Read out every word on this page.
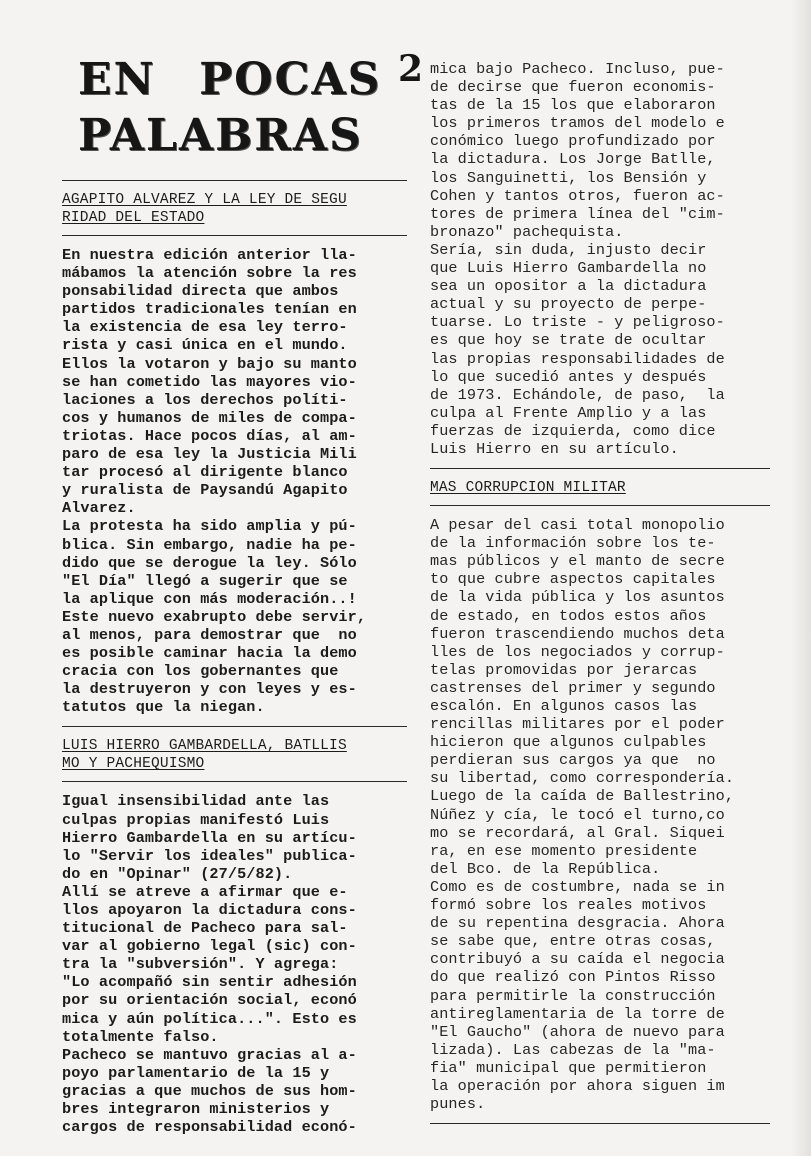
2
EN POCAS
PALABRAS
AGAPITO ALVAREZ Y LA LEY DE SEGU
RIDAD DEL ESTADO
En nuestra edición anterior lla-
mábamos la atención sobre la res
ponsabilidad directa que ambos
partidos tradicionales tenían en
la existencia de esa ley terro-
rista y casi única en el mundo.
Ellos la votaron y bajo su manto
se han cometido las mayores vio-
laciones a los derechos políti-
cos y humanos de miles de compa-
triotas. Hace pocos días, al am-
paro de esa ley la Justicia Mili
tar procesó al dirigente blanco
y ruralista de Paysandú Agapito
Alvarez.
La protesta ha sido amplia y pú-
blica. Sin embargo, nadie ha pe-
dido que se derogue la ley. Sólo
"El Día" llegó a sugerir que se
la aplique con más moderación..!
Este nuevo exabrupto debe servir,
al menos, para demostrar que  no
es posible caminar hacia la demo
cracia con los gobernantes que
la destruyeron y con leyes y es-
tatutos que la niegan.
LUIS HIERRO GAMBARDELLA, BATLLIS
MO Y PACHEQUISMO
Igual insensibilidad ante las
culpas propias manifestó Luis
Hierro Gambardella en su artícu-
lo "Servir los ideales" publica-
do en "Opinar" (27/5/82).
Allí se atreve a afirmar que e-
llos apoyaron la dictadura cons-
titucional de Pacheco para sal-
var al gobierno legal (sic) con-
tra la "subversión". Y agrega:
"Lo acompañó sin sentir adhesión
por su orientación social, econó
mica y aún política...". Esto es
totalmente falso.
Pacheco se mantuvo gracias al a-
poyo parlamentario de la 15 y
gracias a que muchos de sus hom-
bres integraron ministerios y
cargos de responsabilidad econó-
mica bajo Pacheco. Incluso, pue-
de decirse que fueron economis-
tas de la 15 los que elaboraron
los primeros tramos del modelo e
conómico luego profundizado por
la dictadura. Los Jorge Batlle,
los Sanguinetti, los Bensión y
Cohen y tantos otros, fueron ac-
tores de primera línea del "cim-
bronazo" pachequista.
Sería, sin duda, injusto decir
que Luis Hierro Gambardella no
sea un opositor a la dictadura
actual y su proyecto de perpe-
tuarse. Lo triste - y peligroso-
es que hoy se trate de ocultar
las propias responsabilidades de
lo que sucedió antes y después
de 1973. Echándole, de paso,  la
culpa al Frente Amplio y a las
fuerzas de izquierda, como dice
Luis Hierro en su artículo.
MAS CORRUPCION MILITAR
A pesar del casi total monopolio
de la información sobre los te-
mas públicos y el manto de secre
to que cubre aspectos capitales
de la vida pública y los asuntos
de estado, en todos estos años
fueron trascendiendo muchos deta
lles de los negociados y corrup-
telas promovidas por jerarcas
castrenses del primer y segundo
escalón. En algunos casos las
rencillas militares por el poder
hicieron que algunos culpables
perdieran sus cargos ya que  no
su libertad, como correspondería.
Luego de la caída de Ballestrino,
Núñez y cía, le tocó el turno,co
mo se recordará, al Gral. Siquei
ra, en ese momento presidente
del Bco. de la República.
Como es de costumbre, nada se in
formó sobre los reales motivos
de su repentina desgracia. Ahora
se sabe que, entre otras cosas,
contribuyó a su caída el negocia
do que realizó con Pintos Risso
para permitirle la construcción
antireglamentaria de la torre de
"El Gaucho" (ahora de nuevo para
lizada). Las cabezas de la "ma-
fia" municipal que permitieron
la operación por ahora siguen im
punes.
